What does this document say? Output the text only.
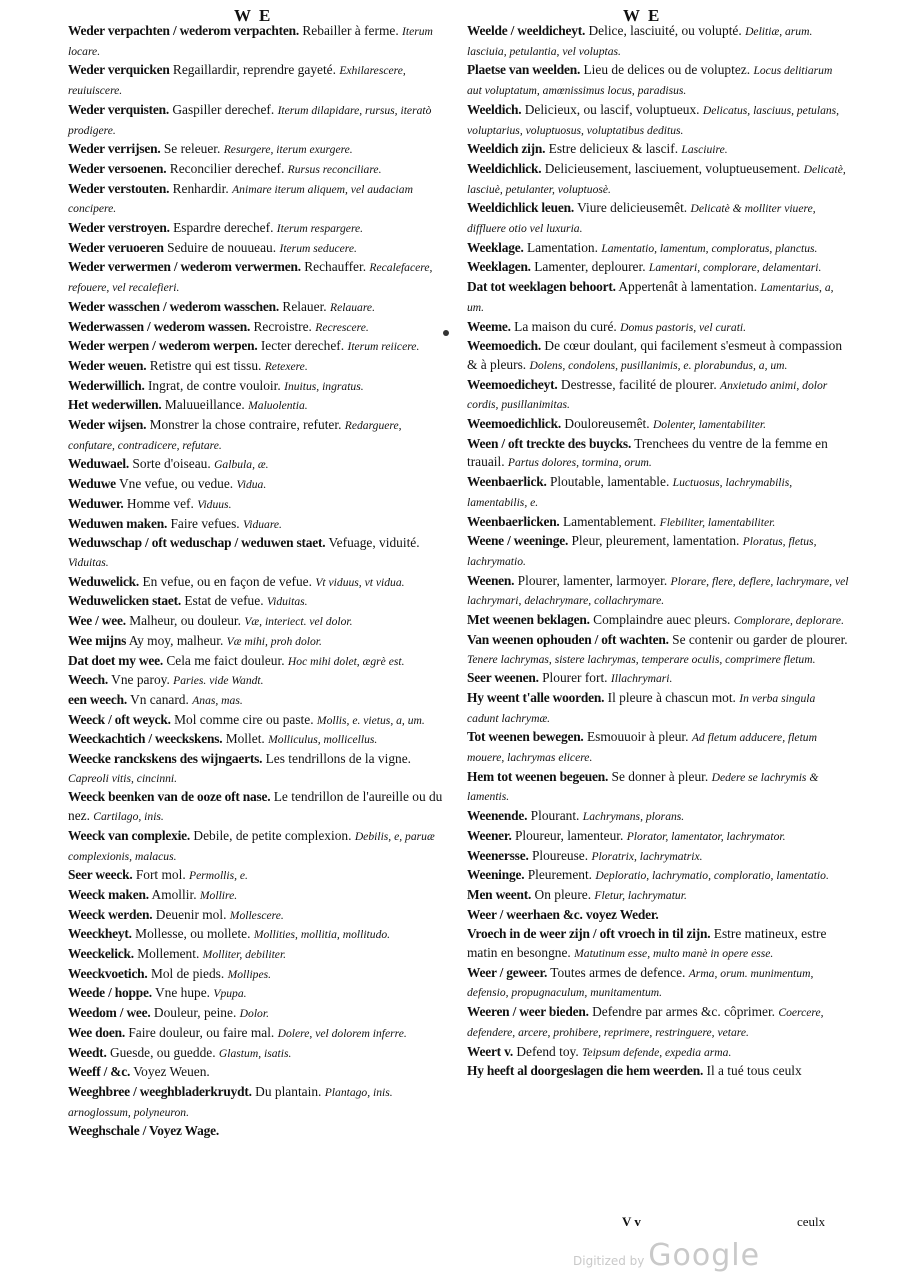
W E	W E

Weder verpachten / wederom verpachten. Rebailler à ferme. Iterum locare.

Weder verquicken Regaillardir, reprendre gayeté. Exhilarescere, reuiuiscere.

Weder verquisten. Gaspiller derechef. Iterum dilapidare, rursus, iteratò prodigere.

Weder verrijsen. Se releuer. Resurgere, iterum exurgere.

Weder versoenen. Reconcilier derechef. Rursus reconciliare.

Weder verstouten. Renhardir. Animare iterum aliquem, vel audaciam concipere.

Weder verstroyen. Espardre derechef. Iterum respargere.

Weder veruoeren Seduire de nouueau. Iterum seducere.

Weder verwermen / wederom verwermen. Rechauffer. Recalefacere, refouere, vel recalefieri.

Weder wasschen / wederom wasschen. Relauer. Relauare.

Wederwassen / wederom wassen. Recroistre. Recrescere.

Weder werpen / wederom werpen. Iecter derechef. Iterum reiicere.

Weder weuen. Retistre qui est tissu. Retexere.

Wederwillich. Ingrat, de contre vouloir. Inuitus, ingratus.

Het wederwillen. Maluueillance. Maluolentia.

Weder wijsen. Monstrer la chose contraire, refuter. Redarguere, confutare, contradicere, refutare.

Weduwael. Sorte d'oiseau. Galbula, æ.

Weduwe Vne vefue, ou vedue. Vidua.

Weduwer. Homme vef. Viduus.

Weduwen maken. Faire vefues. Viduare.

Weduwschap / oft weduschap / weduwen staet. Vefuage, viduité. Viduitas.

Weduwelick. En vefue, ou en façon de vefue. Vt viduus, vt vidua.

Weduwelicken staet. Estat de vefue. Viduitas.

Wee / wee. Malheur, ou douleur. Væ, interiect. vel dolor.

Wee mijns Ay moy, malheur. Væ mihi, proh dolor.

Dat doet my wee. Cela me faict douleur. Hoc mihi dolet, ægrè est.

Weech. Vne paroy. Paries. vide Wandt.

een weech. Vn canard. Anas, mas.

Weeck / oft weyck. Mol comme cire ou paste. Mollis, e. vietus, a, um.

Weeckachtich / weeckskens. Mollet. Molliculus, mollicellus.

Weecke ranckskens des wijngaerts. Les tendrillons de la vigne. Capreoli vitis, cincinni.

Weeck beenken van de ooze oft nase. Le tendrillon de l'aureille ou du nez. Cartilago, inis.

Weeck van complexie. Debile, de petite complexion. Debilis, e, paruæ complexionis, malacus.

Seer weeck. Fort mol. Permollis, e.

Weeck maken. Amollir. Mollire.

Weeck werden. Deuenir mol. Mollescere.

Weeckheyt. Mollesse, ou mollete. Mollities, mollitia, mollitudo.

Weeckelick. Mollement. Molliter, debiliter.

Weeckvoetich. Mol de pieds. Mollipes.

Weede / hoppe. Vne hupe. Vpupa.

Weedom / wee. Douleur, peine. Dolor.

Wee doen. Faire douleur, ou faire mal. Dolere, vel dolorem inferre.

Weedt. Guesde, ou guedde. Glastum, isatis.

Weeff / &c. Voyez Weuen.

Weeghbree / weeghbladerkruydt. Du plantain. Plantago, inis. arnoglossum, polyneuron.

Weeghschale / Voyez Wage.

Weelde / weeldicheyt. Delice, lasciuité, ou volupté. Delitiæ, arum. lasciuia, petulantia, vel voluptas.

Plaetse van weelden. Lieu de delices ou de voluptez. Locus delitiarum aut voluptatum, amœnissimus locus, paradisus.

Weeldich. Delicieux, ou lascif, voluptueux. Delicatus, lasciuus, petulans, voluptarius, voluptuosus, voluptatibus deditus.

Weeldich zijn. Estre delicieux & lascif. Lasciuire.

Weeldichlick. Delicieusement, lasciuement, voluptueusement. Delicatè, lasciuè, petulanter, voluptuosè.

Weeldichlick leuen. Viure delicieusemêt. Delicatè & molliter viuere, diffluere otio vel luxuria.

Weeklage. Lamentation. Lamentatio, lamentum, comploratus, planctus.

Weeklagen. Lamenter, deplourer. Lamentari, complorare, delamentari.

Dat tot weeklagen behoort. Appertenât à lamentation. Lamentarius, a, um.

Weeme. La maison du curé. Domus pastoris, vel curati.

Weemoedich. De cœur doulant, qui facilement s'esmeut à compassion & à pleurs. Dolens, condolens, pusillanimis, e. plorabundus, a, um.

Weemoedicheyt. Destresse, facilité de plourer. Anxietudo animi, dolor cordis, pusillanimitas.

Weemoedichlick. Douloreusemêt. Dolenter, lamentabiliter.

Ween / oft treckte des buycks. Trenchees du ventre de la femme en trauail. Partus dolores, tormina, orum.

Weenbaerlick. Ploutable, lamentable. Luctuosus, lachrymabilis, lamentabilis, e.

Weenbaerlicken. Lamentablement. Flebiliter, lamentabiliter.

Weene / weeninge. Pleur, pleurement, lamentation. Ploratus, fletus, lachrymatio.

Weenen. Plourer, lamenter, larmoyer. Plorare, flere, deflere, lachrymare, vel lachrymari, delachrymare, collachrymare.

Met weenen beklagen. Complaindre auec pleurs. Complorare, deplorare.

Van weenen ophouden / oft wachten. Se contenir ou garder de plourer. Tenere lachrymas, sistere lachrymas, temperare oculis, comprimere fletum.

Seer weenen. Plourer fort. Illachrymari.

Hy weent t'alle woorden. Il pleure à chascun mot. In verba singula cadunt lachrymæ.

Tot weenen bewegen. Esmouuoir à pleur. Ad fletum adducere, fletum mouere, lachrymas elicere.

Hem tot weenen begeuen. Se donner à pleur. Dedere se lachrymis & lamentis.

Weenende. Plourant. Lachrymans, plorans.

Weener. Ploureur, lamenteur. Plorator, lamentator, lachrymator.

Weenersse. Ploureuse. Ploratrix, lachrymatrix.

Weeninge. Pleurement. Deploratio, lachrymatio, comploratio, lamentatio.

Men weent. On pleure. Fletur, lachrymatur.

Weer / weerhaen &c. voyez Weder.

Vroech in de weer zijn / oft vroech in til zijn. Estre matineux, estre matin en besongne. Matutinum esse, multo manè in opere esse.

Weer / geweer. Toutes armes de defence. Arma, orum. munimentum, defensio, propugnaculum, munitamentum.

Weeren / weer bieden. Defendre par armes &c. côprimer. Coercere, defendere, arcere, prohibere, reprimere, restringuere, vetare.

Weert v. Defend toy. Teipsum defende, expedia arma.

Hy heeft al doorgeslagen die hem weerden. Il a tué tous ceulx

V v	ceulx
Digitized by Google
